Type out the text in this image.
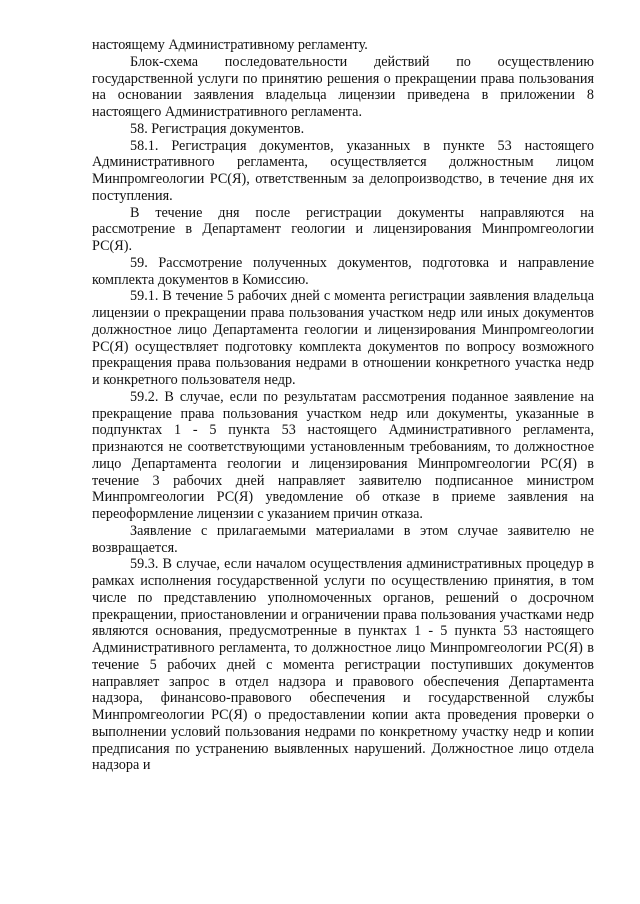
настоящему Административному регламенту.

Блок-схема последовательности действий по осуществлению государственной услуги по принятию решения о прекращении права пользования на основании заявления владельца лицензии приведена в приложении 8 настоящего Административного регламента.

58. Регистрация документов.

58.1. Регистрация документов, указанных в пункте 53 настоящего Административного регламента, осуществляется должностным лицом Минпромгеологии РС(Я), ответственным за делопроизводство, в течение дня их поступления.

В течение дня после регистрации документы направляются на рассмотрение в Департамент геологии и лицензирования Минпромгеологии РС(Я).

59. Рассмотрение полученных документов, подготовка и направление комплекта документов в Комиссию.

59.1. В течение 5 рабочих дней с момента регистрации заявления владельца лицензии о прекращении права пользования участком недр или иных документов должностное лицо Департамента геологии и лицензирования Минпромгеологии РС(Я) осуществляет подготовку комплекта документов по вопросу возможного прекращения права пользования недрами в отношении конкретного участка недр и конкретного пользователя недр.

59.2. В случае, если по результатам рассмотрения поданное заявление на прекращение права пользования участком недр или документы, указанные в подпунктах 1 - 5 пункта 53 настоящего Административного регламента, признаются не соответствующими установленным требованиям, то должностное лицо Департамента геологии и лицензирования Минпромгеологии РС(Я) в течение 3 рабочих дней направляет заявителю подписанное министром Минпромгеологии РС(Я) уведомление об отказе в приеме заявления на переоформление лицензии с указанием причин отказа.

Заявление с прилагаемыми материалами в этом случае заявителю не возвращается.

59.3. В случае, если началом осуществления административных процедур в рамках исполнения государственной услуги по осуществлению принятия, в том числе по представлению уполномоченных органов, решений о досрочном прекращении, приостановлении и ограничении права пользования участками недр являются основания, предусмотренные в пунктах 1 - 5 пункта 53 настоящего Административного регламента, то должностное лицо Минпромгеологии РС(Я) в течение 5 рабочих дней с момента регистрации поступивших документов направляет запрос в отдел надзора и правового обеспечения Департамента надзора, финансово-правового обеспечения и государственной службы Минпромгеологии РС(Я) о предоставлении копии акта проведения проверки о выполнении условий пользования недрами по конкретному участку недр и копии предписания по устранению выявленных нарушений. Должностное лицо отдела надзора и
